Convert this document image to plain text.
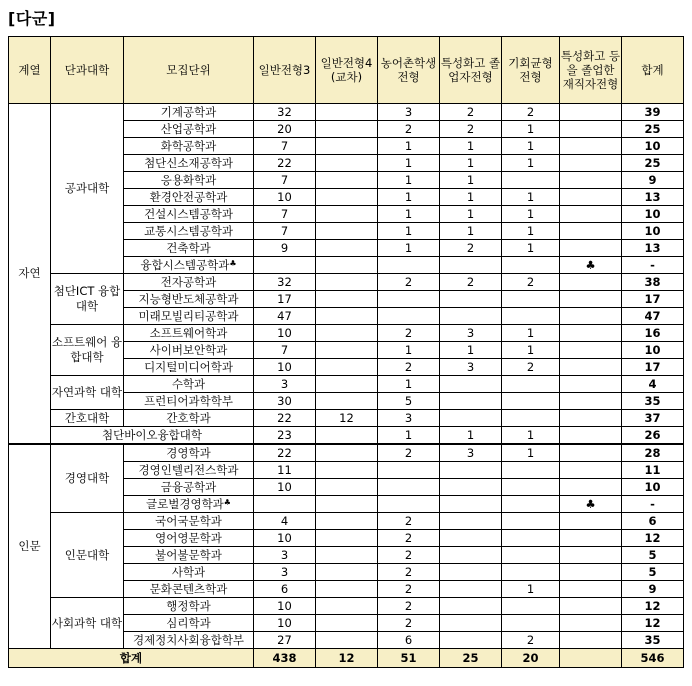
[다군]
계열	단과대학	모집단위	일반전형3	일반전형4 (교차)	농어촌학생 전형	특성화고 졸업자전형	기회균형 전형	특성화고 등을 졸업한 재직자전형	합계
자연	공과대학	기계공학과	32		3	2	2		39
		산업공학과	20		2	2	1		25
		화학공학과	7		1	1	1		10
		첨단신소재공학과	22		1	1	1		25
		응용화학과	7		1	1			9
		환경안전공학과	10		1	1	1		13
		건설시스템공학과	7		1	1	1		10
		교통시스템공학과	7		1	1	1		10
		건축학과	9		1	2	1		13
		융합시스템공학과♣						♣	-
	첨단ICT 융합대학	전자공학과	32		2	2	2		38
		지능형반도체공학과	17						17
		미래모빌리티공학과	47						47
	소프트웨어 융합대학	소프트웨어학과	10		2	3	1		16
		사이버보안학과	7		1	1	1		10
		디지털미디어학과	10		2	3	2		17
	자연과학 대학	수학과	3		1				4
		프런티어과학학부	30		5				35
	간호대학	간호학과	22	12	3				37
	첨단바이오융합대학		23		1	1	1		26
인문	경영대학	경영학과	22		2	3	1		28
		경영인텔리전스학과	11						11
		금융공학과	10						10
		글로벌경영학과♣						♣	-
	인문대학	국어국문학과	4		2				6
		영어영문학과	10		2				12
		불어불문학과	3		2				5
		사학과	3		2				5
		문화콘텐츠학과	6		2		1		9
	사회과학 대학	행정학과	10		2				12
		심리학과	10		2				12
		경제정치사회융합학부	27		6		2		35
합계			438	12	51	25	20		546
